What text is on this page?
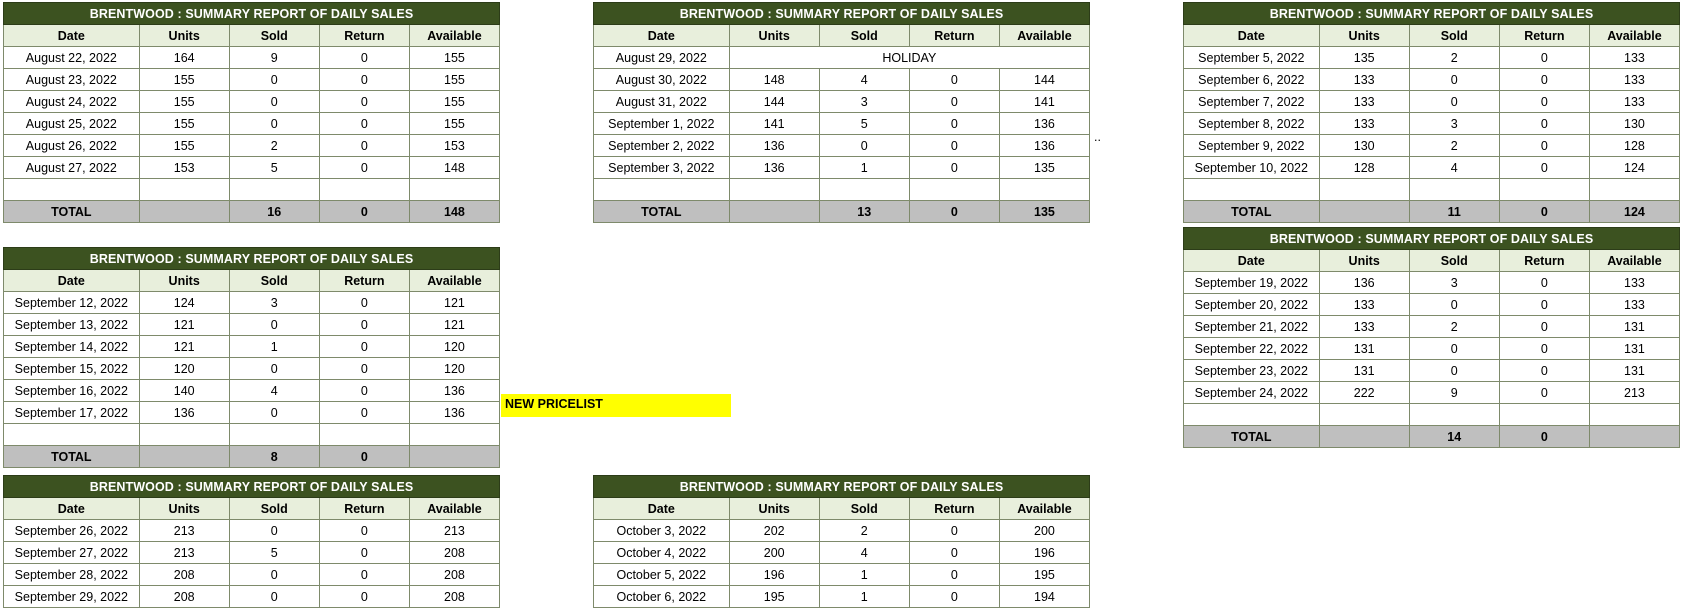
BRENTWOOD : SUMMARY REPORT OF DAILY SALES				
Date	Units	Sold	Return	Available
August 22, 2022	164	9	0	155
August 23, 2022	155	0	0	155
August 24, 2022	155	0	0	155
August 25, 2022	155	0	0	155
August 26, 2022	155	2	0	153
August 27, 2022	153	5	0	148

TOTAL		16	0	148
BRENTWOOD : SUMMARY REPORT OF DAILY SALES				
Date	Units	Sold	Return	Available
August 29, 2022	HOLIDAY			
August 30, 2022	148	4	0	144
August 31, 2022	144	3	0	141
September 1, 2022	141	5	0	136
September 2, 2022	136	0	0	136
September 3, 2022	136	1	0	135

TOTAL		13	0	135
..
BRENTWOOD : SUMMARY REPORT OF DAILY SALES				
Date	Units	Sold	Return	Available
September 5, 2022	135	2	0	133
September 6, 2022	133	0	0	133
September 7, 2022	133	0	0	133
September 8, 2022	133	3	0	130
September 9, 2022	130	2	0	128
September 10, 2022	128	4	0	124

TOTAL		11	0	124
BRENTWOOD : SUMMARY REPORT OF DAILY SALES				
Date	Units	Sold	Return	Available
September 19, 2022	136	3	0	133
September 20, 2022	133	0	0	133
September 21, 2022	133	2	0	131
September 22, 2022	131	0	0	131
September 23, 2022	131	0	0	131
September 24, 2022	222	9	0	213

TOTAL		14	0	
BRENTWOOD : SUMMARY REPORT OF DAILY SALES				
Date	Units	Sold	Return	Available
September 12, 2022	124	3	0	121
September 13, 2022	121	0	0	121
September 14, 2022	121	1	0	120
September 15, 2022	120	0	0	120
September 16, 2022	140	4	0	136
September 17, 2022	136	0	0	136

TOTAL		8	0	
NEW PRICELIST
BRENTWOOD : SUMMARY REPORT OF DAILY SALES				
Date	Units	Sold	Return	Available
September 26, 2022	213	0	0	213
September 27, 2022	213	5	0	208
September 28, 2022	208	0	0	208
September 29, 2022	208	0	0	208
BRENTWOOD : SUMMARY REPORT OF DAILY SALES				
Date	Units	Sold	Return	Available
October 3, 2022	202	2	0	200
October 4, 2022	200	4	0	196
October 5, 2022	196	1	0	195
October 6, 2022	195	1	0	194
